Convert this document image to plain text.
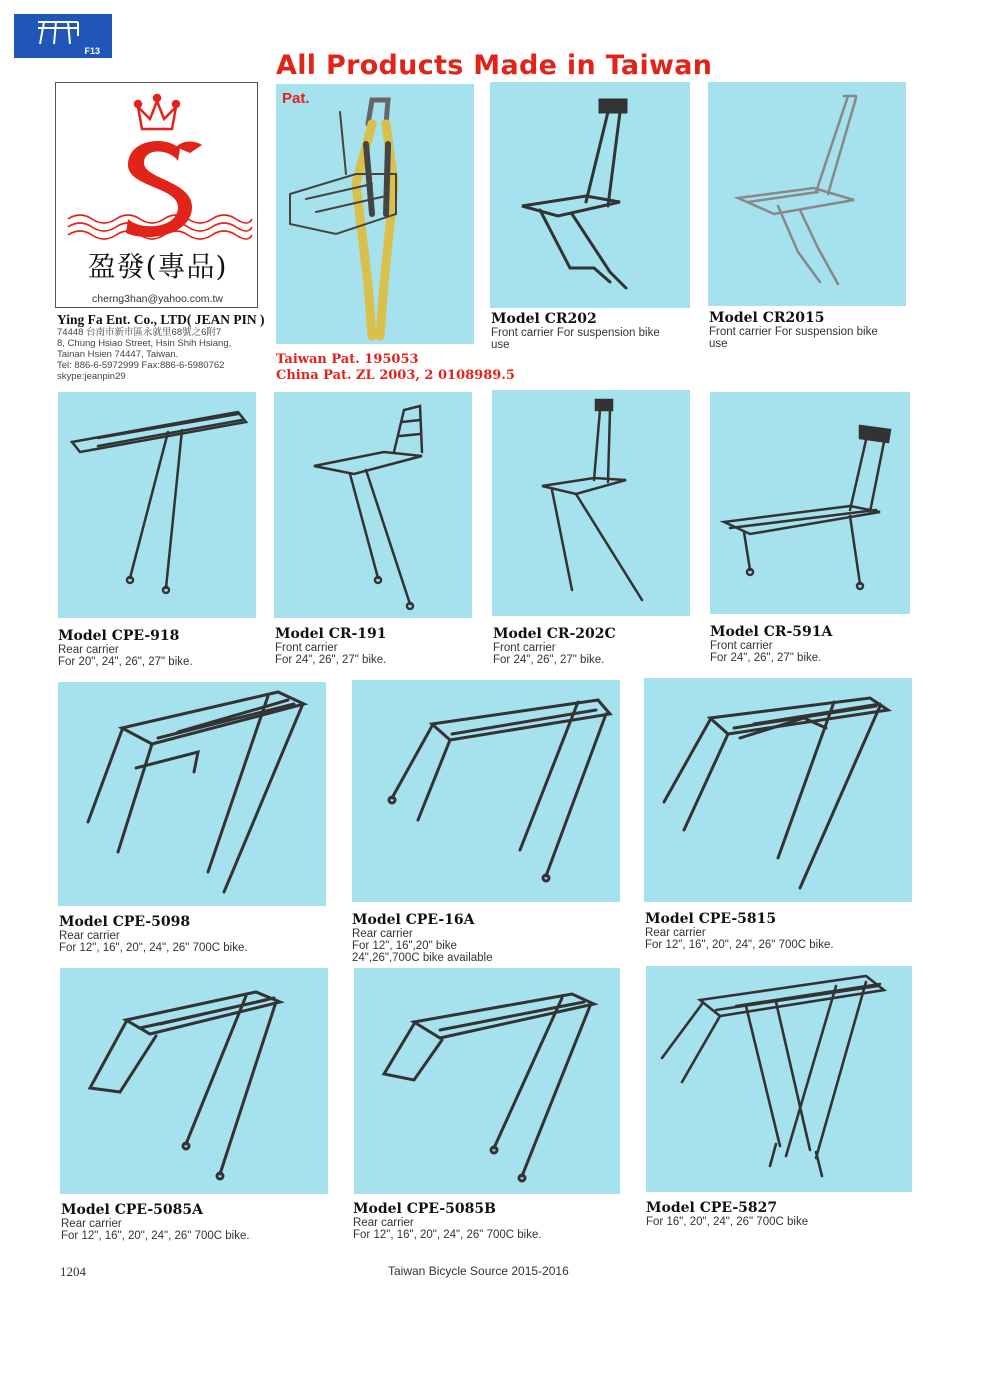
F13	All Products Made in Taiwan
盈發(專品)
cherng3han@yahoo.com.tw
Ying Fa Ent. Co., LTD( JEAN PIN )
74448 台南市新市區永就里68號之6附7
8, Chung Hsiao Street, Hsin Shih Hsiang,
Tainan Hsien 74447, Taiwan.
Tel: 886-6-5972999 Fax:886-6-5980762
skype:jeanpin29
Pat.
Model CR202
Front carrier For suspension bike
use
Model CR2015
Front carrier For suspension bike
use
Taiwan Pat. 195053
China Pat. ZL 2003, 2 0108989.5
Model CPE-918
Rear carrier
For 20", 24", 26", 27" bike.
Model CR-191
Front carrier
For 24", 26", 27" bike.
Model CR-202C
Front carrier
For 24", 26", 27" bike.
Model CR-591A
Front carrier
For 24", 26", 27" bike.
Model CPE-5098
Rear carrier
For 12", 16", 20", 24", 26" 700C bike.
Model CPE-16A
Rear carrier
For 12", 16",20" bike
24",26",700C bike available
Model CPE-5815
Rear carrier
For 12", 16", 20", 24", 26" 700C bike.
Model CPE-5085A
Rear carrier
For 12", 16", 20", 24", 26" 700C bike.
Model CPE-5085B
Rear carrier
For 12", 16", 20", 24", 26" 700C bike.
Model CPE-5827
For 16", 20", 24", 26" 700C bike
1204	Taiwan Bicycle Source 2015-2016
